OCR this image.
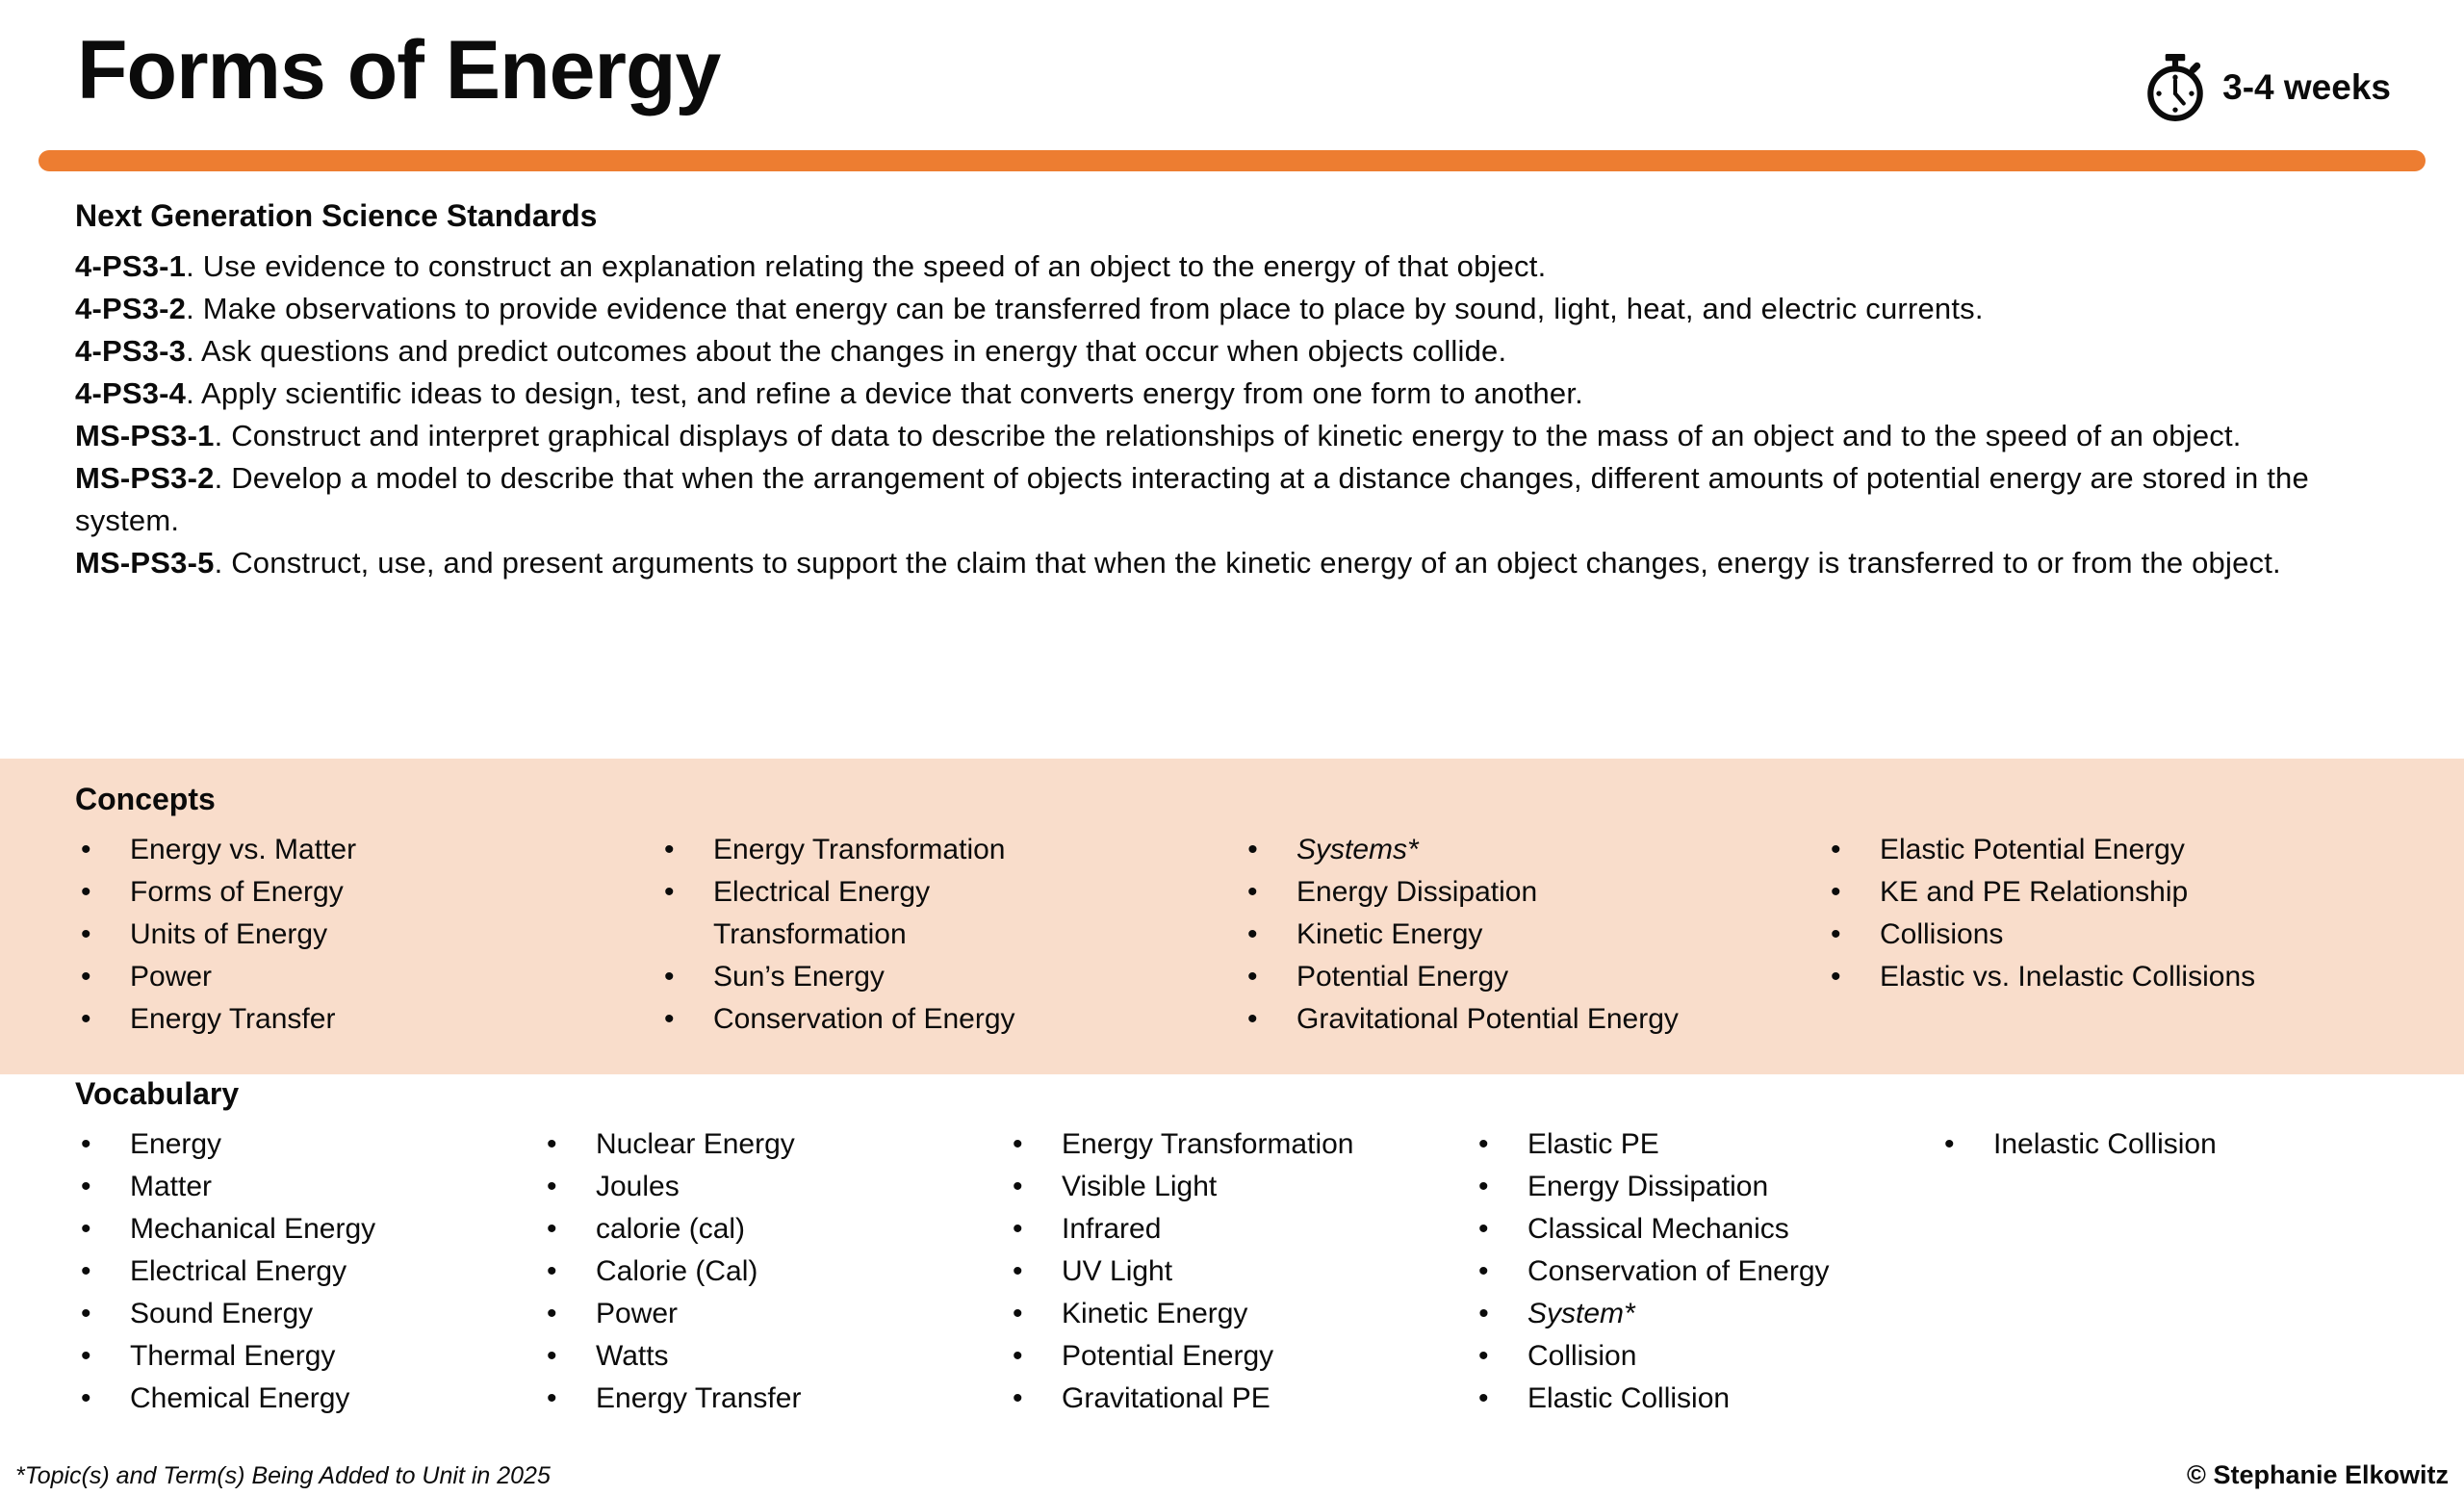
Forms of Energy	3-4 weeks
Next Generation Science Standards

4-PS3-1. Use evidence to construct an explanation relating the speed of an object to the energy of that object.

4-PS3-2. Make observations to provide evidence that energy can be transferred from place to place by sound, light, heat, and electric currents.

4-PS3-3. Ask questions and predict outcomes about the changes in energy that occur when objects collide.

4-PS3-4. Apply scientific ideas to design, test, and refine a device that converts energy from one form to another.

MS-PS3-1. Construct and interpret graphical displays of data to describe the relationships of kinetic energy to the mass of an object and to the speed of an object.

MS-PS3-2. Develop a model to describe that when the arrangement of objects interacting at a distance changes, different amounts of potential energy are stored in the system.

MS-PS3-5. Construct, use, and present arguments to support the claim that when the kinetic energy of an object changes, energy is transferred to or from the object.

Concepts
• Energy vs. Matter
• Forms of Energy
• Units of Energy
• Power
• Energy Transfer
• Energy Transformation
• Electrical Energy Transformation
• Sun’s Energy
• Conservation of Energy
• Systems*
• Energy Dissipation
• Kinetic Energy
• Potential Energy
• Gravitational Potential Energy
• Elastic Potential Energy
• KE and PE Relationship
• Collisions
• Elastic vs. Inelastic Collisions
Vocabulary
• Energy
• Matter
• Mechanical Energy
• Electrical Energy
• Sound Energy
• Thermal Energy
• Chemical Energy
• Nuclear Energy
• Joules
• calorie (cal)
• Calorie (Cal)
• Power
• Watts
• Energy Transfer
• Energy Transformation
• Visible Light
• Infrared
• UV Light
• Kinetic Energy
• Potential Energy
• Gravitational PE
• Elastic PE
• Energy Dissipation
• Classical Mechanics
• Conservation of Energy
• System*
• Collision
• Elastic Collision
• Inelastic Collision
*Topic(s) and Term(s) Being Added to Unit in 2025	© Stephanie Elkowitz
